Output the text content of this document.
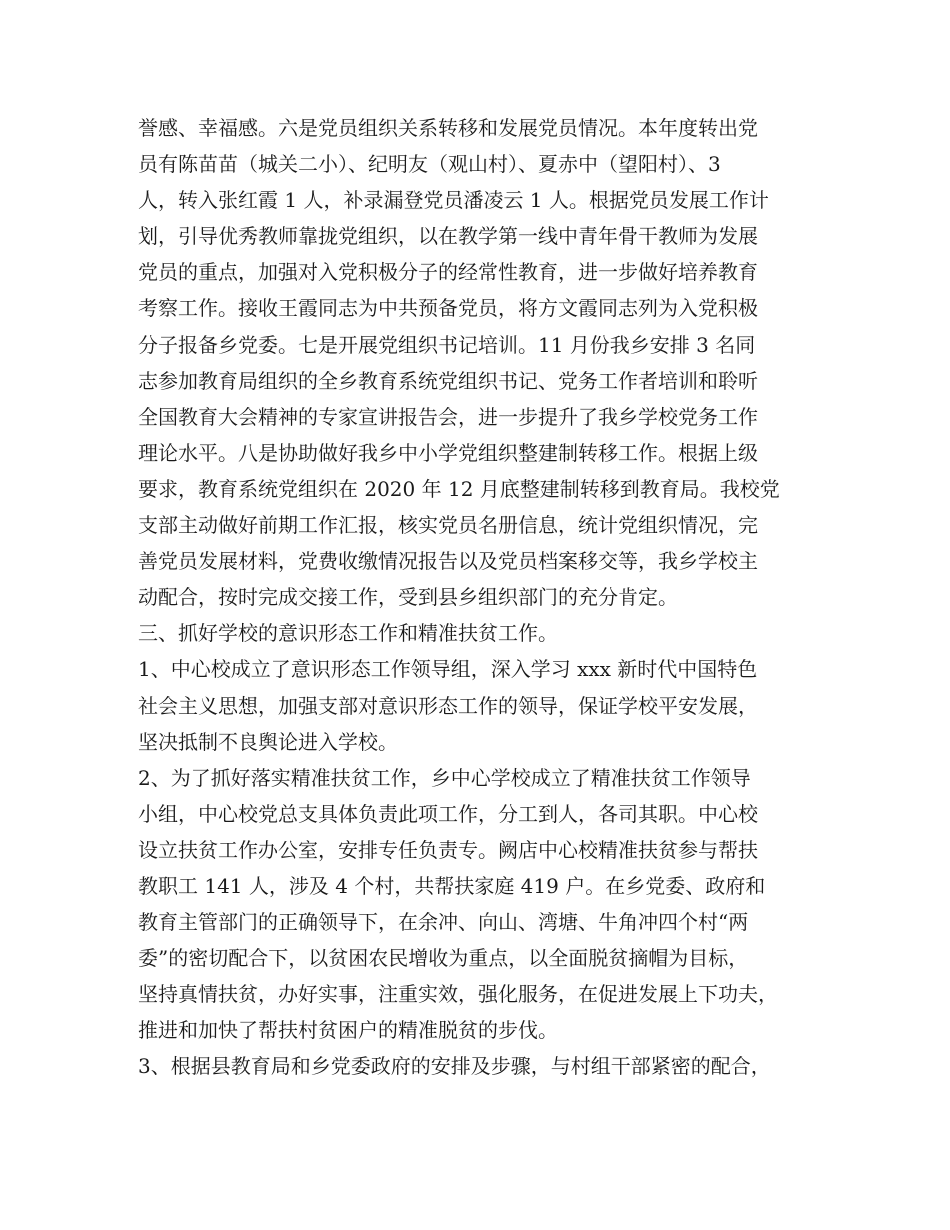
誉感、幸福感。六是党员组织关系转移和发展党员情况。本年度转出党
员有陈苗苗（城关二小）、纪明友（观山村）、夏赤中（望阳村）、3
人，转入张红霞 1 人，补录漏登党员潘凌云 1 人。根据党员发展工作计
划，引导优秀教师靠拢党组织，以在教学第一线中青年骨干教师为发展
党员的重点，加强对入党积极分子的经常性教育，进一步做好培养教育
考察工作。接收王霞同志为中共预备党员，将方文霞同志列为入党积极
分子报备乡党委。七是开展党组织书记培训。11 月份我乡安排 3 名同
志参加教育局组织的全乡教育系统党组织书记、党务工作者培训和聆听
全国教育大会精神的专家宣讲报告会，进一步提升了我乡学校党务工作
理论水平。八是协助做好我乡中小学党组织整建制转移工作。根据上级
要求，教育系统党组织在 2020 年 12 月底整建制转移到教育局。我校党
支部主动做好前期工作汇报，核实党员名册信息，统计党组织情况，完
善党员发展材料，党费收缴情况报告以及党员档案移交等，我乡学校主
动配合，按时完成交接工作，受到县乡组织部门的充分肯定。
三、抓好学校的意识形态工作和精准扶贫工作。
1、中心校成立了意识形态工作领导组，深入学习 xxx 新时代中国特色
社会主义思想，加强支部对意识形态工作的领导，保证学校平安发展，
坚决抵制不良舆论进入学校。
2、为了抓好落实精准扶贫工作，乡中心学校成立了精准扶贫工作领导
小组，中心校党总支具体负责此项工作，分工到人，各司其职。中心校
设立扶贫工作办公室，安排专任负责专。阙店中心校精准扶贫参与帮扶
教职工 141 人，涉及 4 个村，共帮扶家庭 419 户。在乡党委、政府和
教育主管部门的正确领导下，在余冲、向山、湾塘、牛角冲四个村“两
委”的密切配合下，以贫困农民增收为重点，以全面脱贫摘帽为目标，
坚持真情扶贫，办好实事，注重实效，强化服务，在促进发展上下功夫，
推进和加快了帮扶村贫困户的精准脱贫的步伐。
3、根据县教育局和乡党委政府的安排及步骤，与村组干部紧密的配合，
